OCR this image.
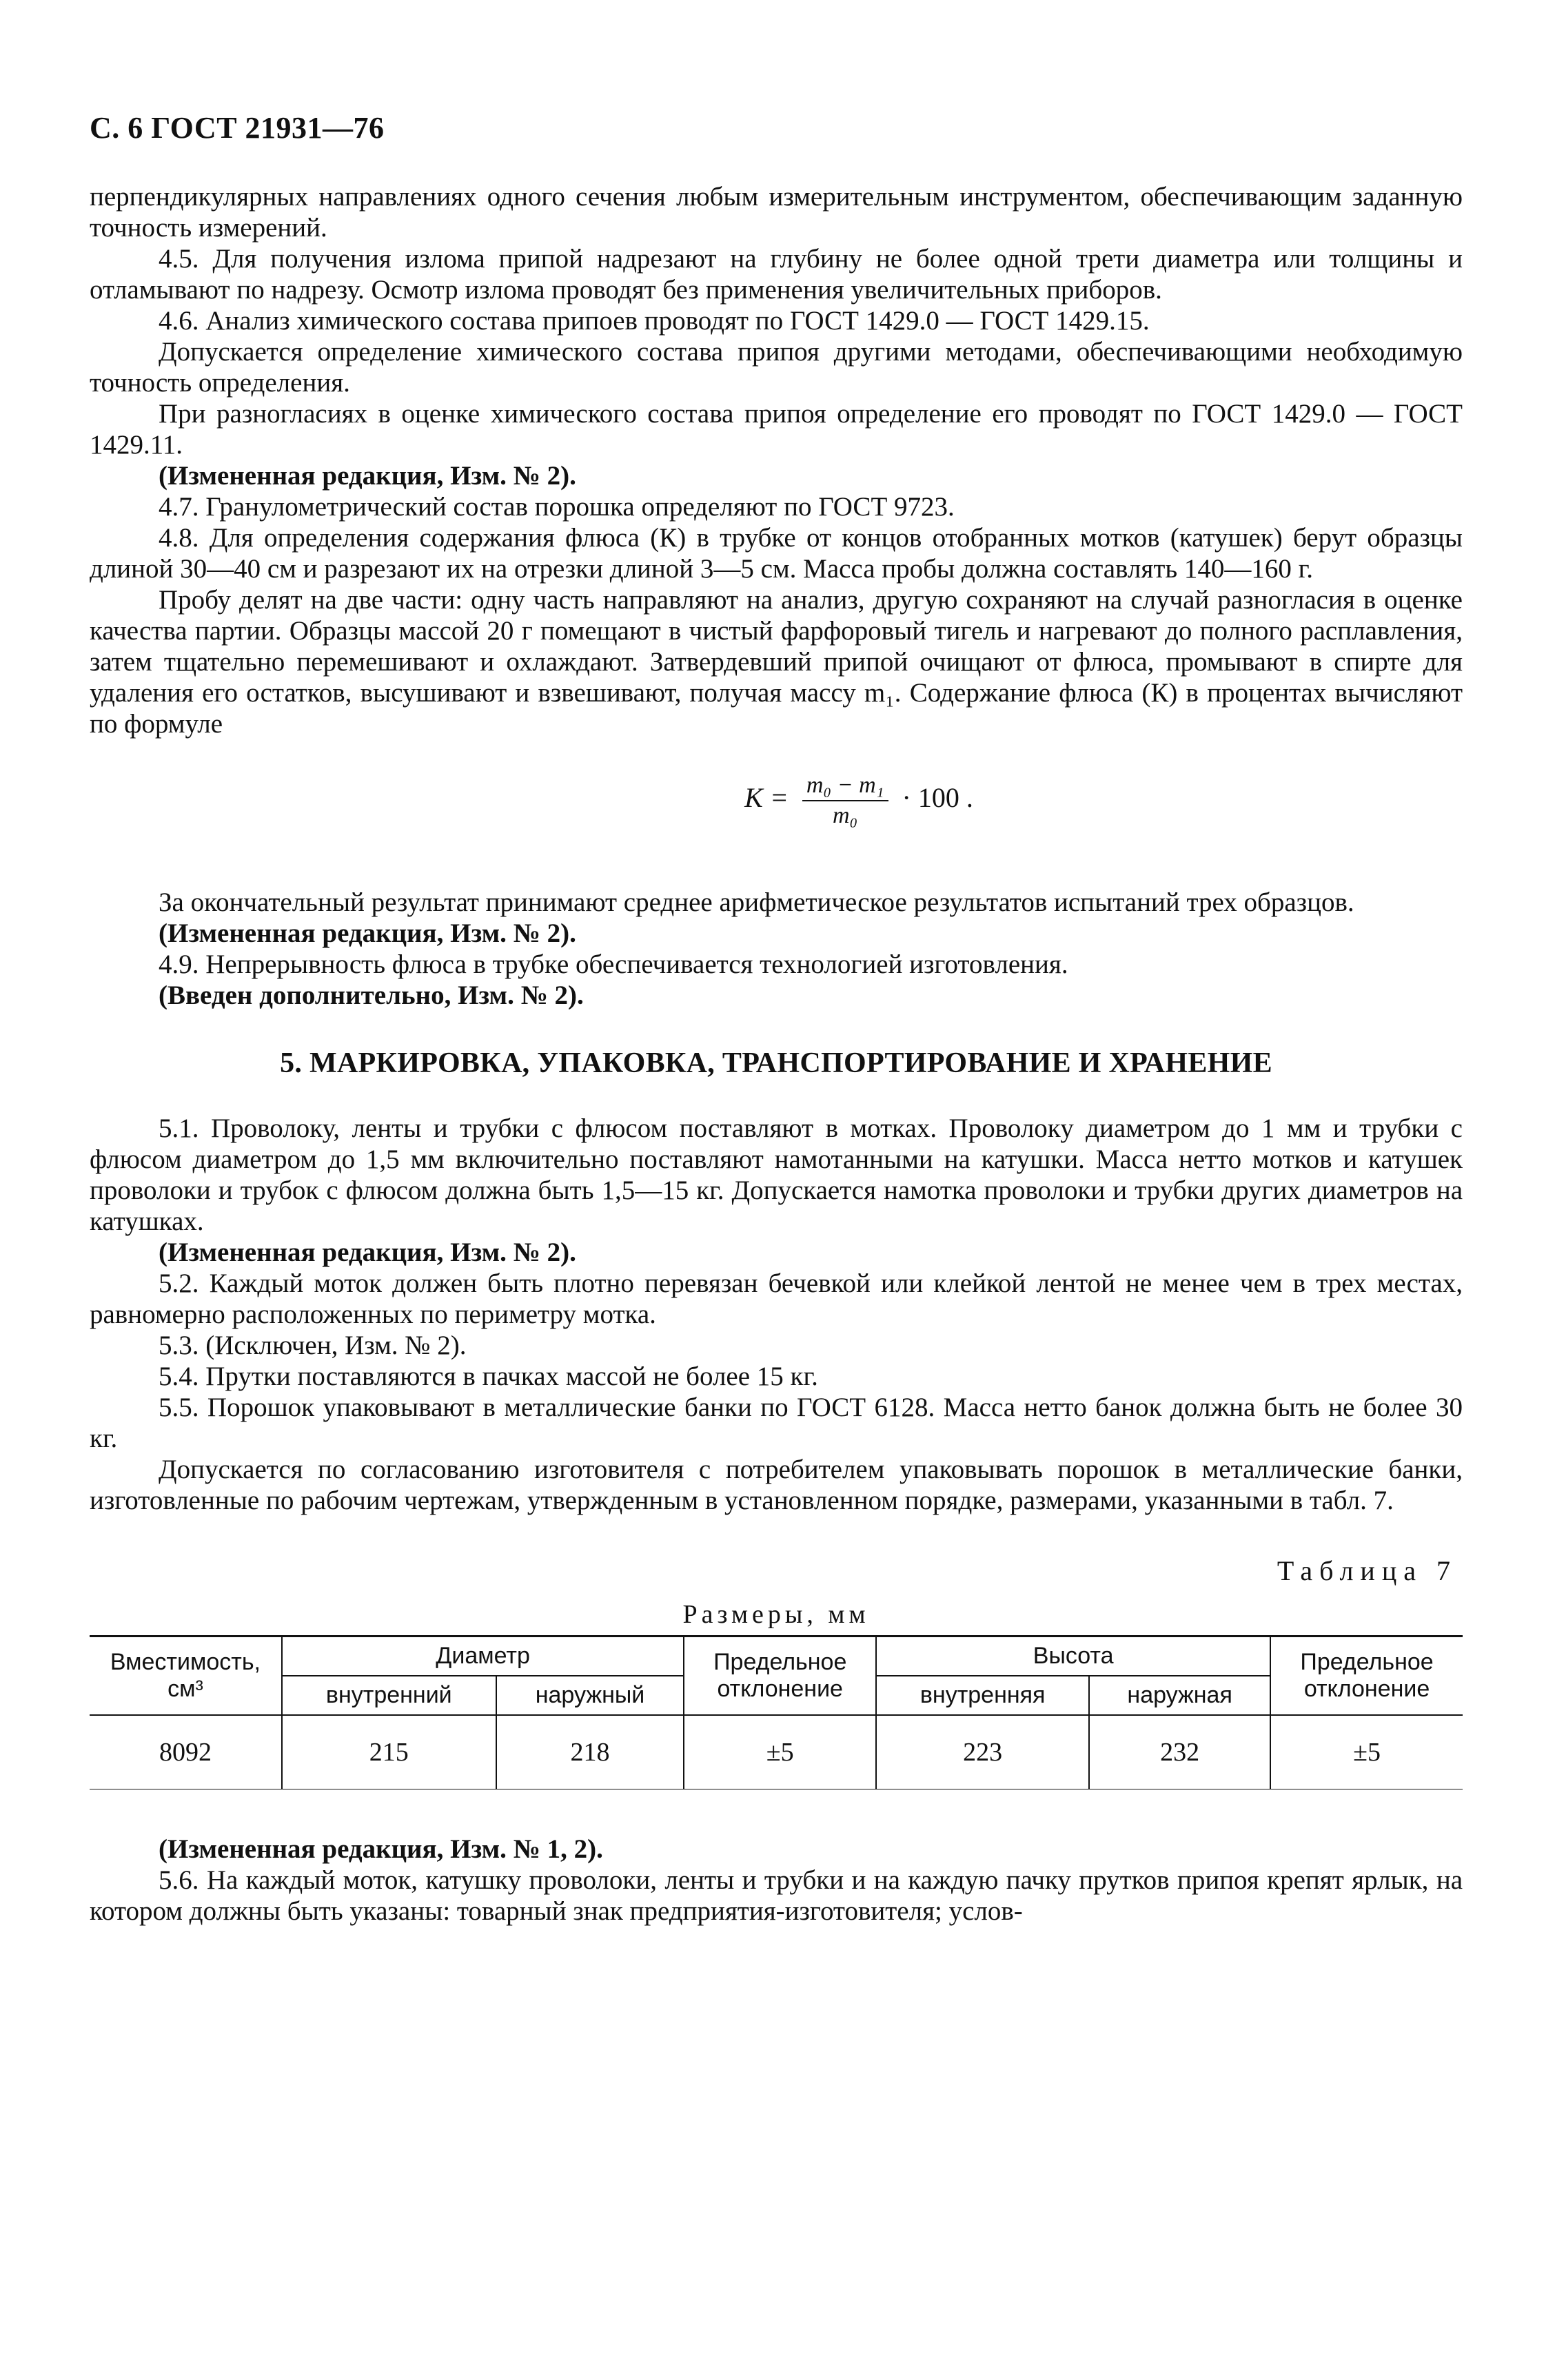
С. 6 ГОСТ 21931—76

перпендикулярных направлениях одного сечения любым измерительным инструментом, обеспечивающим заданную точность измерений.

4.5. Для получения излома припой надрезают на глубину не более одной трети диаметра или толщины и отламывают по надрезу. Осмотр излома проводят без применения увеличительных приборов.

4.6. Анализ химического состава припоев проводят по ГОСТ 1429.0 — ГОСТ 1429.15.

Допускается определение химического состава припоя другими методами, обеспечивающими необходимую точность определения.

При разногласиях в оценке химического состава припоя определение его проводят по ГОСТ 1429.0 — ГОСТ 1429.11.

(Измененная редакция, Изм. № 2).

4.7. Гранулометрический состав порошка определяют по ГОСТ 9723.

4.8. Для определения содержания флюса (К) в трубке от концов отобранных мотков (катушек) берут образцы длиной 30—40 см и разрезают их на отрезки длиной 3—5 см. Масса пробы должна составлять 140—160 г.

Пробу делят на две части: одну часть направляют на анализ, другую сохраняют на случай разногласия в оценке качества партии. Образцы массой 20 г помещают в чистый фарфоровый тигель и нагревают до полного расплавления, затем тщательно перемешивают и охлаждают. Затвердевший припой очищают от флюса, промывают в спирте для удаления его остатков, высушивают и взвешивают, получая массу m₁. Содержание флюса (К) в процентах вычисляют по формуле

$K = \frac{\text{m₀ − m₁}}{\text{m₀}} \cdot 100$ .

За окончательный результат принимают среднее арифметическое результатов испытаний трех образцов.

(Измененная редакция, Изм. № 2).

4.9. Непрерывность флюса в трубке обеспечивается технологией изготовления.

(Введен дополнительно, Изм. № 2).

5. МАРКИРОВКА, УПАКОВКА, ТРАНСПОРТИРОВАНИЕ И ХРАНЕНИЕ

5.1. Проволоку, ленты и трубки с флюсом поставляют в мотках. Проволоку диаметром до 1 мм и трубки с флюсом диаметром до 1,5 мм включительно поставляют намотанными на катушки. Масса нетто мотков и катушек проволоки и трубок с флюсом должна быть 1,5—15 кг. Допускается намотка проволоки и трубки других диаметров на катушках.

(Измененная редакция, Изм. № 2).

5.2. Каждый моток должен быть плотно перевязан бечевкой или клейкой лентой не менее чем в трех местах, равномерно расположенных по периметру мотка.

5.3. (Исключен, Изм. № 2).

5.4. Прутки поставляются в пачках массой не более 15 кг.

5.5. Порошок упаковывают в металлические банки по ГОСТ 6128. Масса нетто банок должна быть не более 30 кг.

Допускается по согласованию изготовителя с потребителем упаковывать порошок в металлические банки, изготовленные по рабочим чертежам, утвержденным в установленном порядке, размерами, указанными в табл. 7.

Таблица 7
Размеры, мм
Вместимость, см³	Диаметр		Предельное отклонение	Высота		Предельное отклонение
	внутренний	наружный		внутренняя	наружная	
8092	215	218	±5	223	232	±5

(Измененная редакция, Изм. № 1, 2).

5.6. На каждый моток, катушку проволоки, ленты и трубки и на каждую пачку прутков припоя крепят ярлык, на котором должны быть указаны: товарный знак предприятия-изготовителя; услов-
